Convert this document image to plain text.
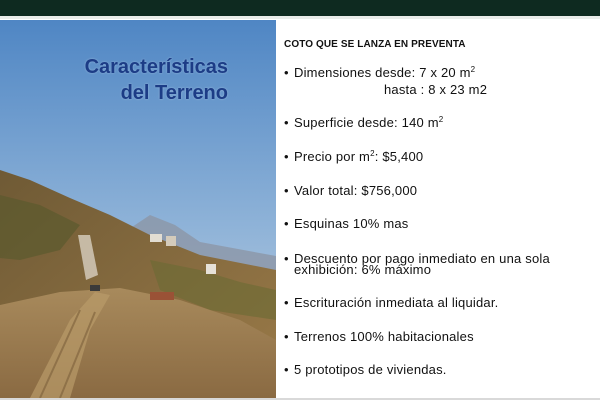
Características
del Terreno
COTO QUE SE LANZA EN PREVENTA
• Dimensiones desde: 7 x 20 $m^2$
hasta : 8 x 23 m2
• Superficie desde: 140 $m^2$
• Precio por $m^2$: $5,400
• Valor total: $756,000
• Esquinas 10% mas
• Descuento por pago inmediato en una sola
exhibición: 6% máximo
• Escrituración inmediata al liquidar.
• Terrenos 100% habitacionales
• 5 prototipos de viviendas.
